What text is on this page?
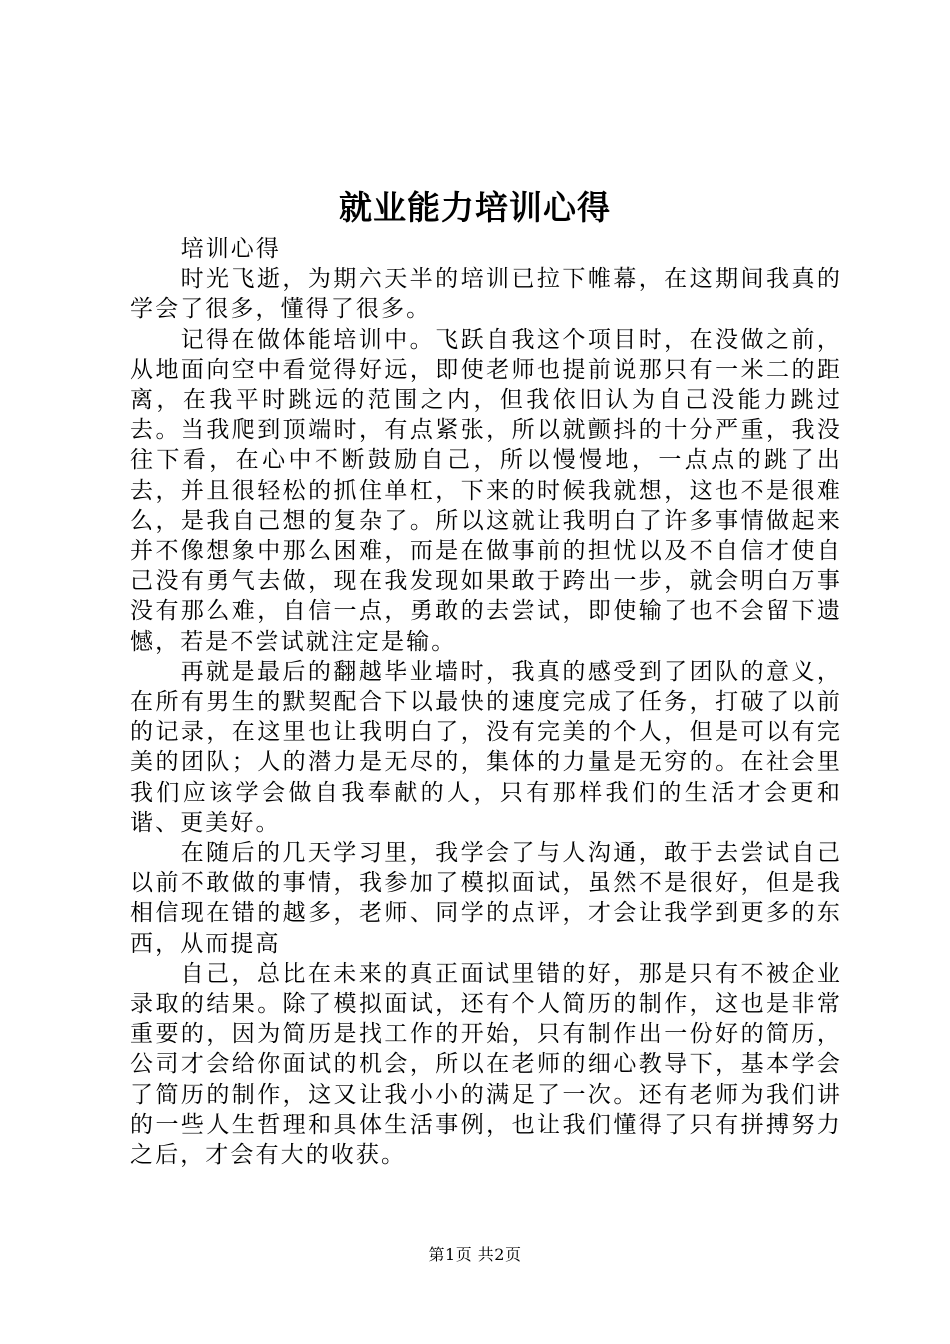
就业能力培训心得

培训心得

时光飞逝，为期六天半的培训已拉下帷幕，在这期间我真的学会了很多，懂得了很多。

记得在做体能培训中。飞跃自我这个项目时，在没做之前，从地面向空中看觉得好远，即使老师也提前说那只有一米二的距离，在我平时跳远的范围之内，但我依旧认为自己没能力跳过去。当我爬到顶端时，有点紧张，所以就颤抖的十分严重，我没往下看，在心中不断鼓励自己，所以慢慢地，一点点的跳了出去，并且很轻松的抓住单杠，下来的时候我就想，这也不是很难么，是我自己想的复杂了。所以这就让我明白了许多事情做起来并不像想象中那么困难，而是在做事前的担忧以及不自信才使自己没有勇气去做，现在我发现如果敢于跨出一步，就会明白万事没有那么难，自信一点，勇敢的去尝试，即使输了也不会留下遗憾，若是不尝试就注定是输。

再就是最后的翻越毕业墙时，我真的感受到了团队的意义，在所有男生的默契配合下以最快的速度完成了任务，打破了以前的记录，在这里也让我明白了，没有完美的个人，但是可以有完美的团队；人的潜力是无尽的，集体的力量是无穷的。在社会里我们应该学会做自我奉献的人，只有那样我们的生活才会更和谐、更美好。

在随后的几天学习里，我学会了与人沟通，敢于去尝试自己以前不敢做的事情，我参加了模拟面试，虽然不是很好，但是我相信现在错的越多，老师、同学的点评，才会让我学到更多的东西，从而提高

自己，总比在未来的真正面试里错的好，那是只有不被企业录取的结果。除了模拟面试，还有个人简历的制作，这也是非常重要的，因为简历是找工作的开始，只有制作出一份好的简历，公司才会给你面试的机会，所以在老师的细心教导下，基本学会了简历的制作，这又让我小小的满足了一次。还有老师为我们讲的一些人生哲理和具体生活事例，也让我们懂得了只有拼搏努力之后，才会有大的收获。

第1页 共2页
